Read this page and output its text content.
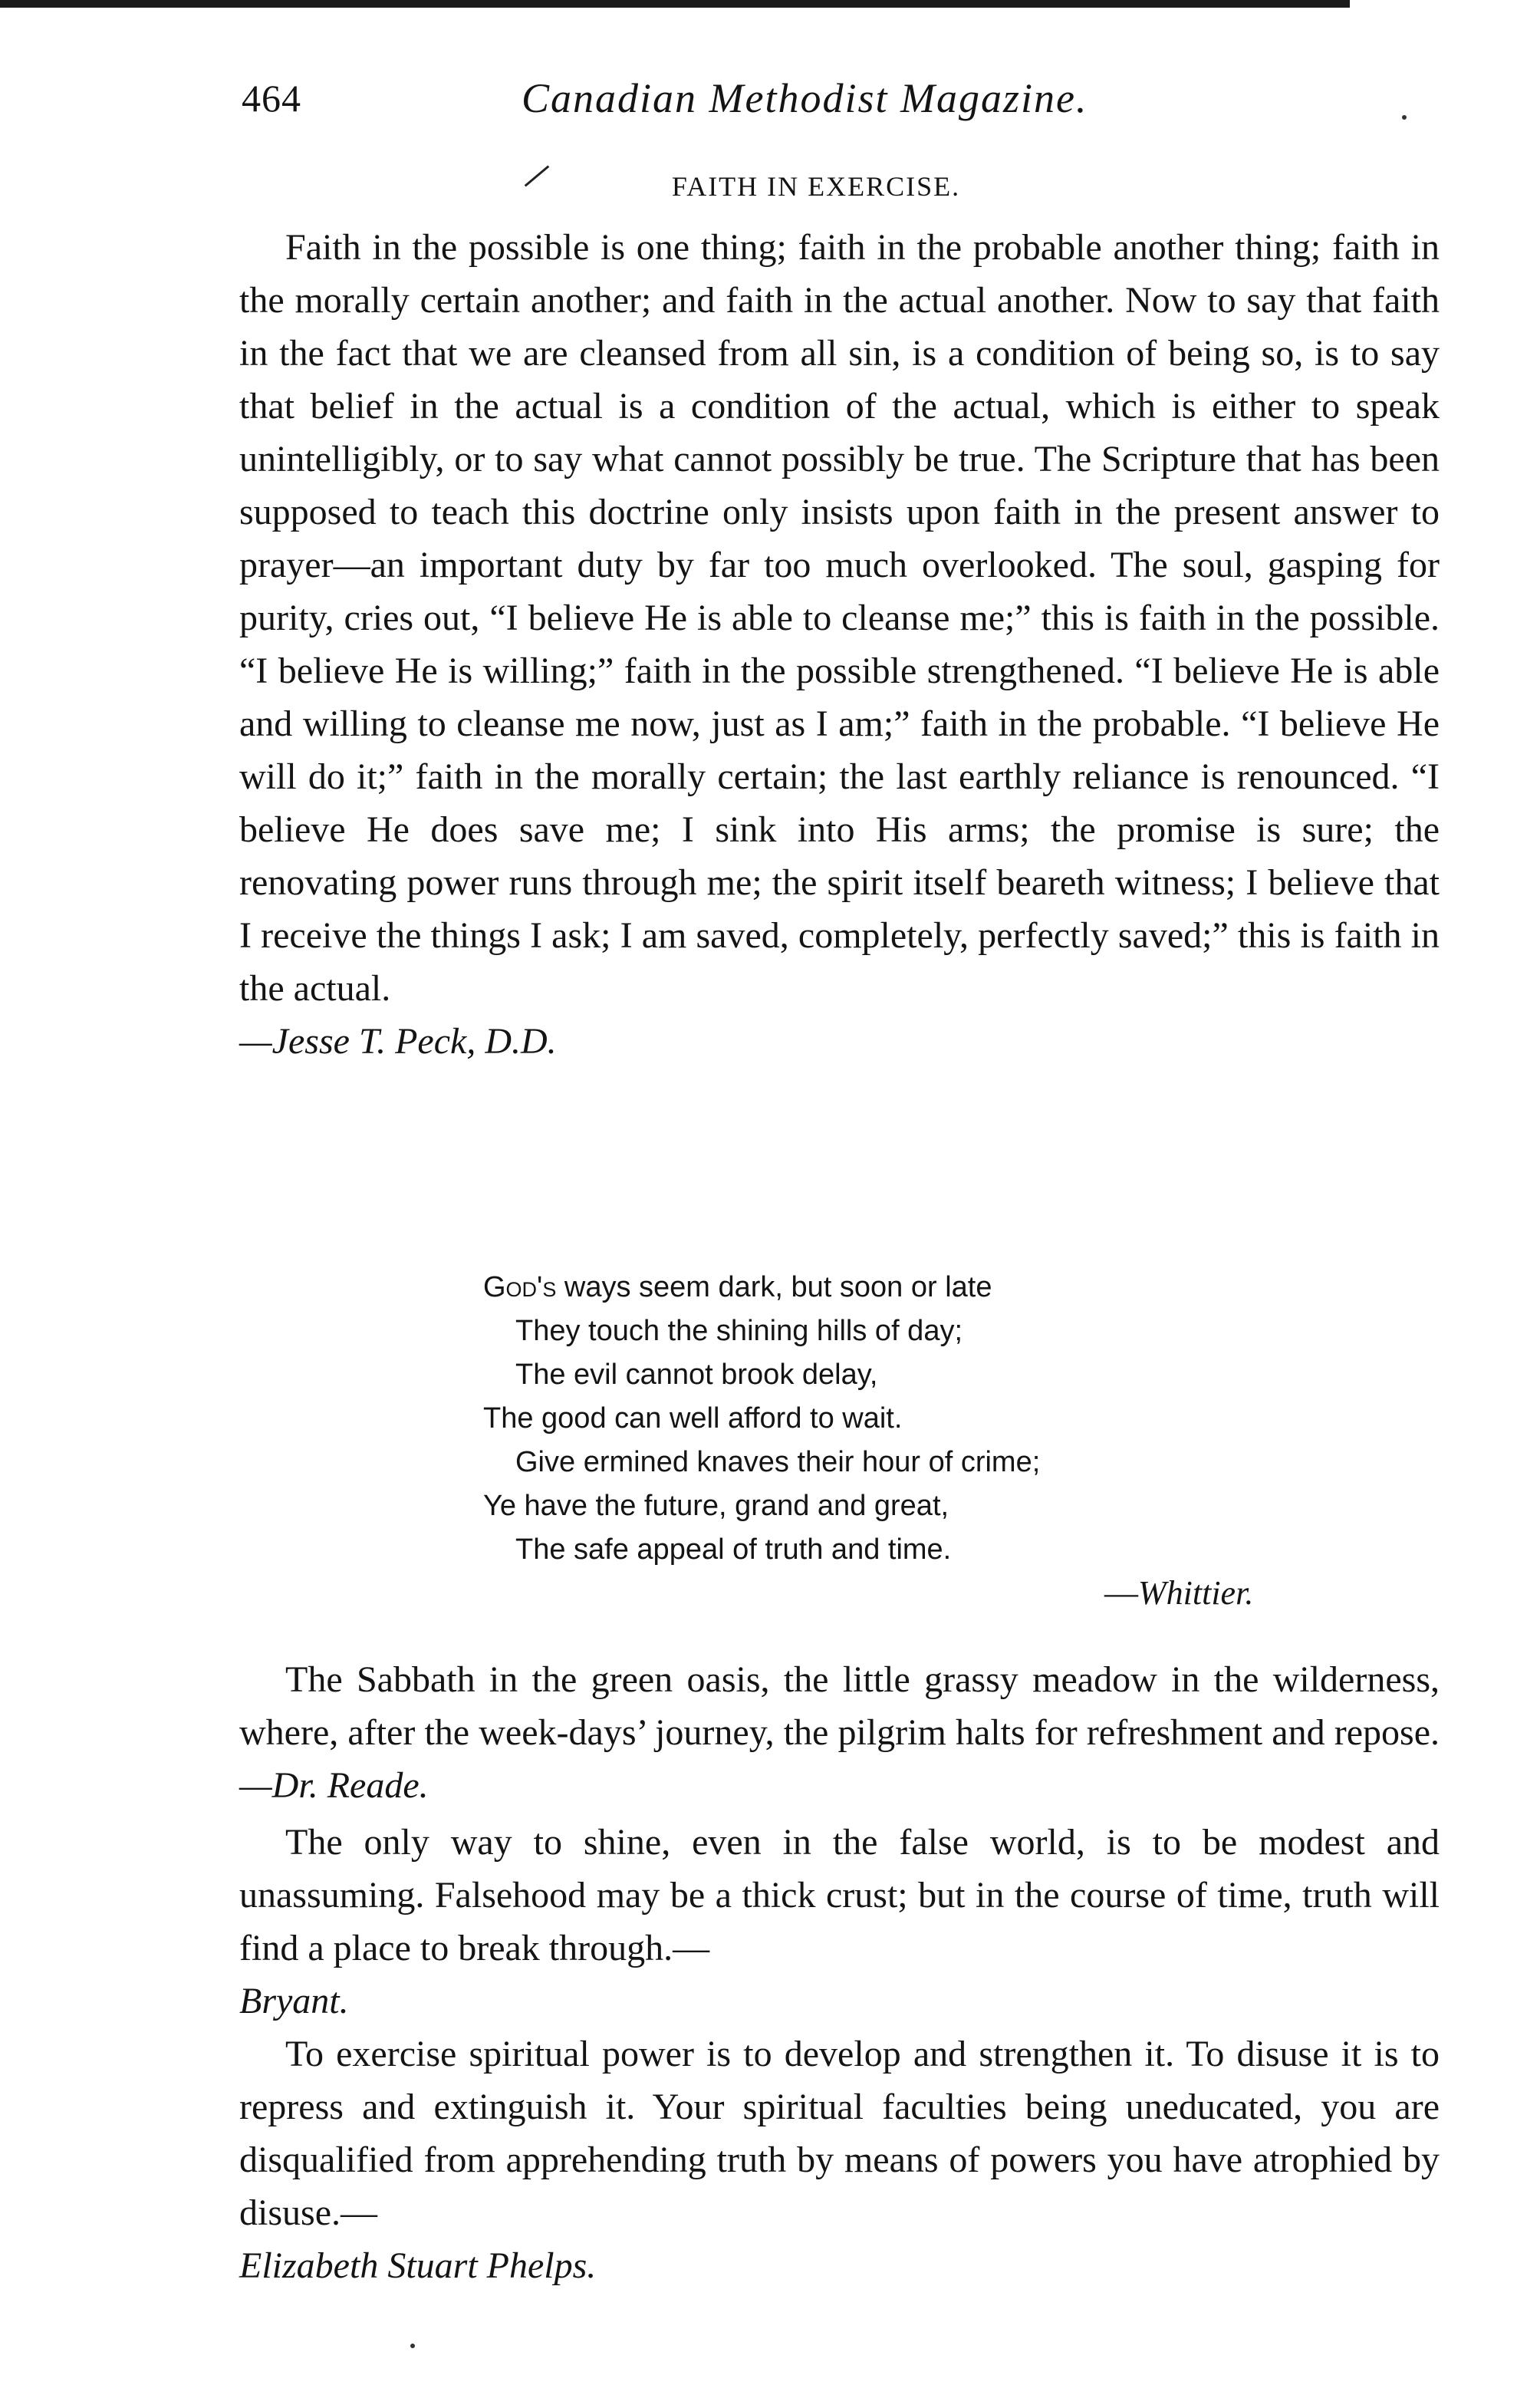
464	Canadian Methodist Magazine.
FAITH IN EXERCISE.

Faith in the possible is one thing; faith in the probable another thing; faith in the morally certain another; and faith in the actual another. Now to say that faith in the fact that we are cleansed from all sin, is a condition of being so, is to say that belief in the actual is a condition of the actual, which is either to speak unintelligibly, or to say what cannot possibly be true. The Scripture that has been supposed to teach this doctrine only insists upon faith in the present answer to prayer—an important duty by far too much overlooked. The soul, gasping for purity, cries out, “I believe He is able to cleanse me;” this is faith in the possible. “I believe He is willing;” faith in the possible strengthened. “I believe He is able and willing to cleanse me now, just as I am;” faith in the probable. “I believe He will do it;” faith in the morally certain; the last earthly reliance is renounced. “I believe He does save me; I sink into His arms; the promise is sure; the renovating power runs through me; the spirit itself beareth witness; I believe that I receive the things I ask; I am saved, completely, perfectly saved;” this is faith in the actual.

—Jesse T. Peck, D.D.
God's ways seem dark, but soon or late
They touch the shining hills of day;
The evil cannot brook delay,
The good can well afford to wait.
Give ermined knaves their hour of crime;
Ye have the future, grand and great,
The safe appeal of truth and time.
—Whittier.

The Sabbath in the green oasis, the little grassy meadow in the wilderness, where, after the week-days’ journey, the pilgrim halts for refreshment and repose.—Dr. Reade.

The only way to shine, even in the false world, is to be modest and unassuming. Falsehood may be a thick crust; but in the course of time, truth will find a place to break through.—

Bryant.

To exercise spiritual power is to develop and strengthen it. To disuse it is to repress and extinguish it. Your spiritual faculties being uneducated, you are disqualified from apprehending truth by means of powers you have atrophied by disuse.—

Elizabeth Stuart Phelps.
